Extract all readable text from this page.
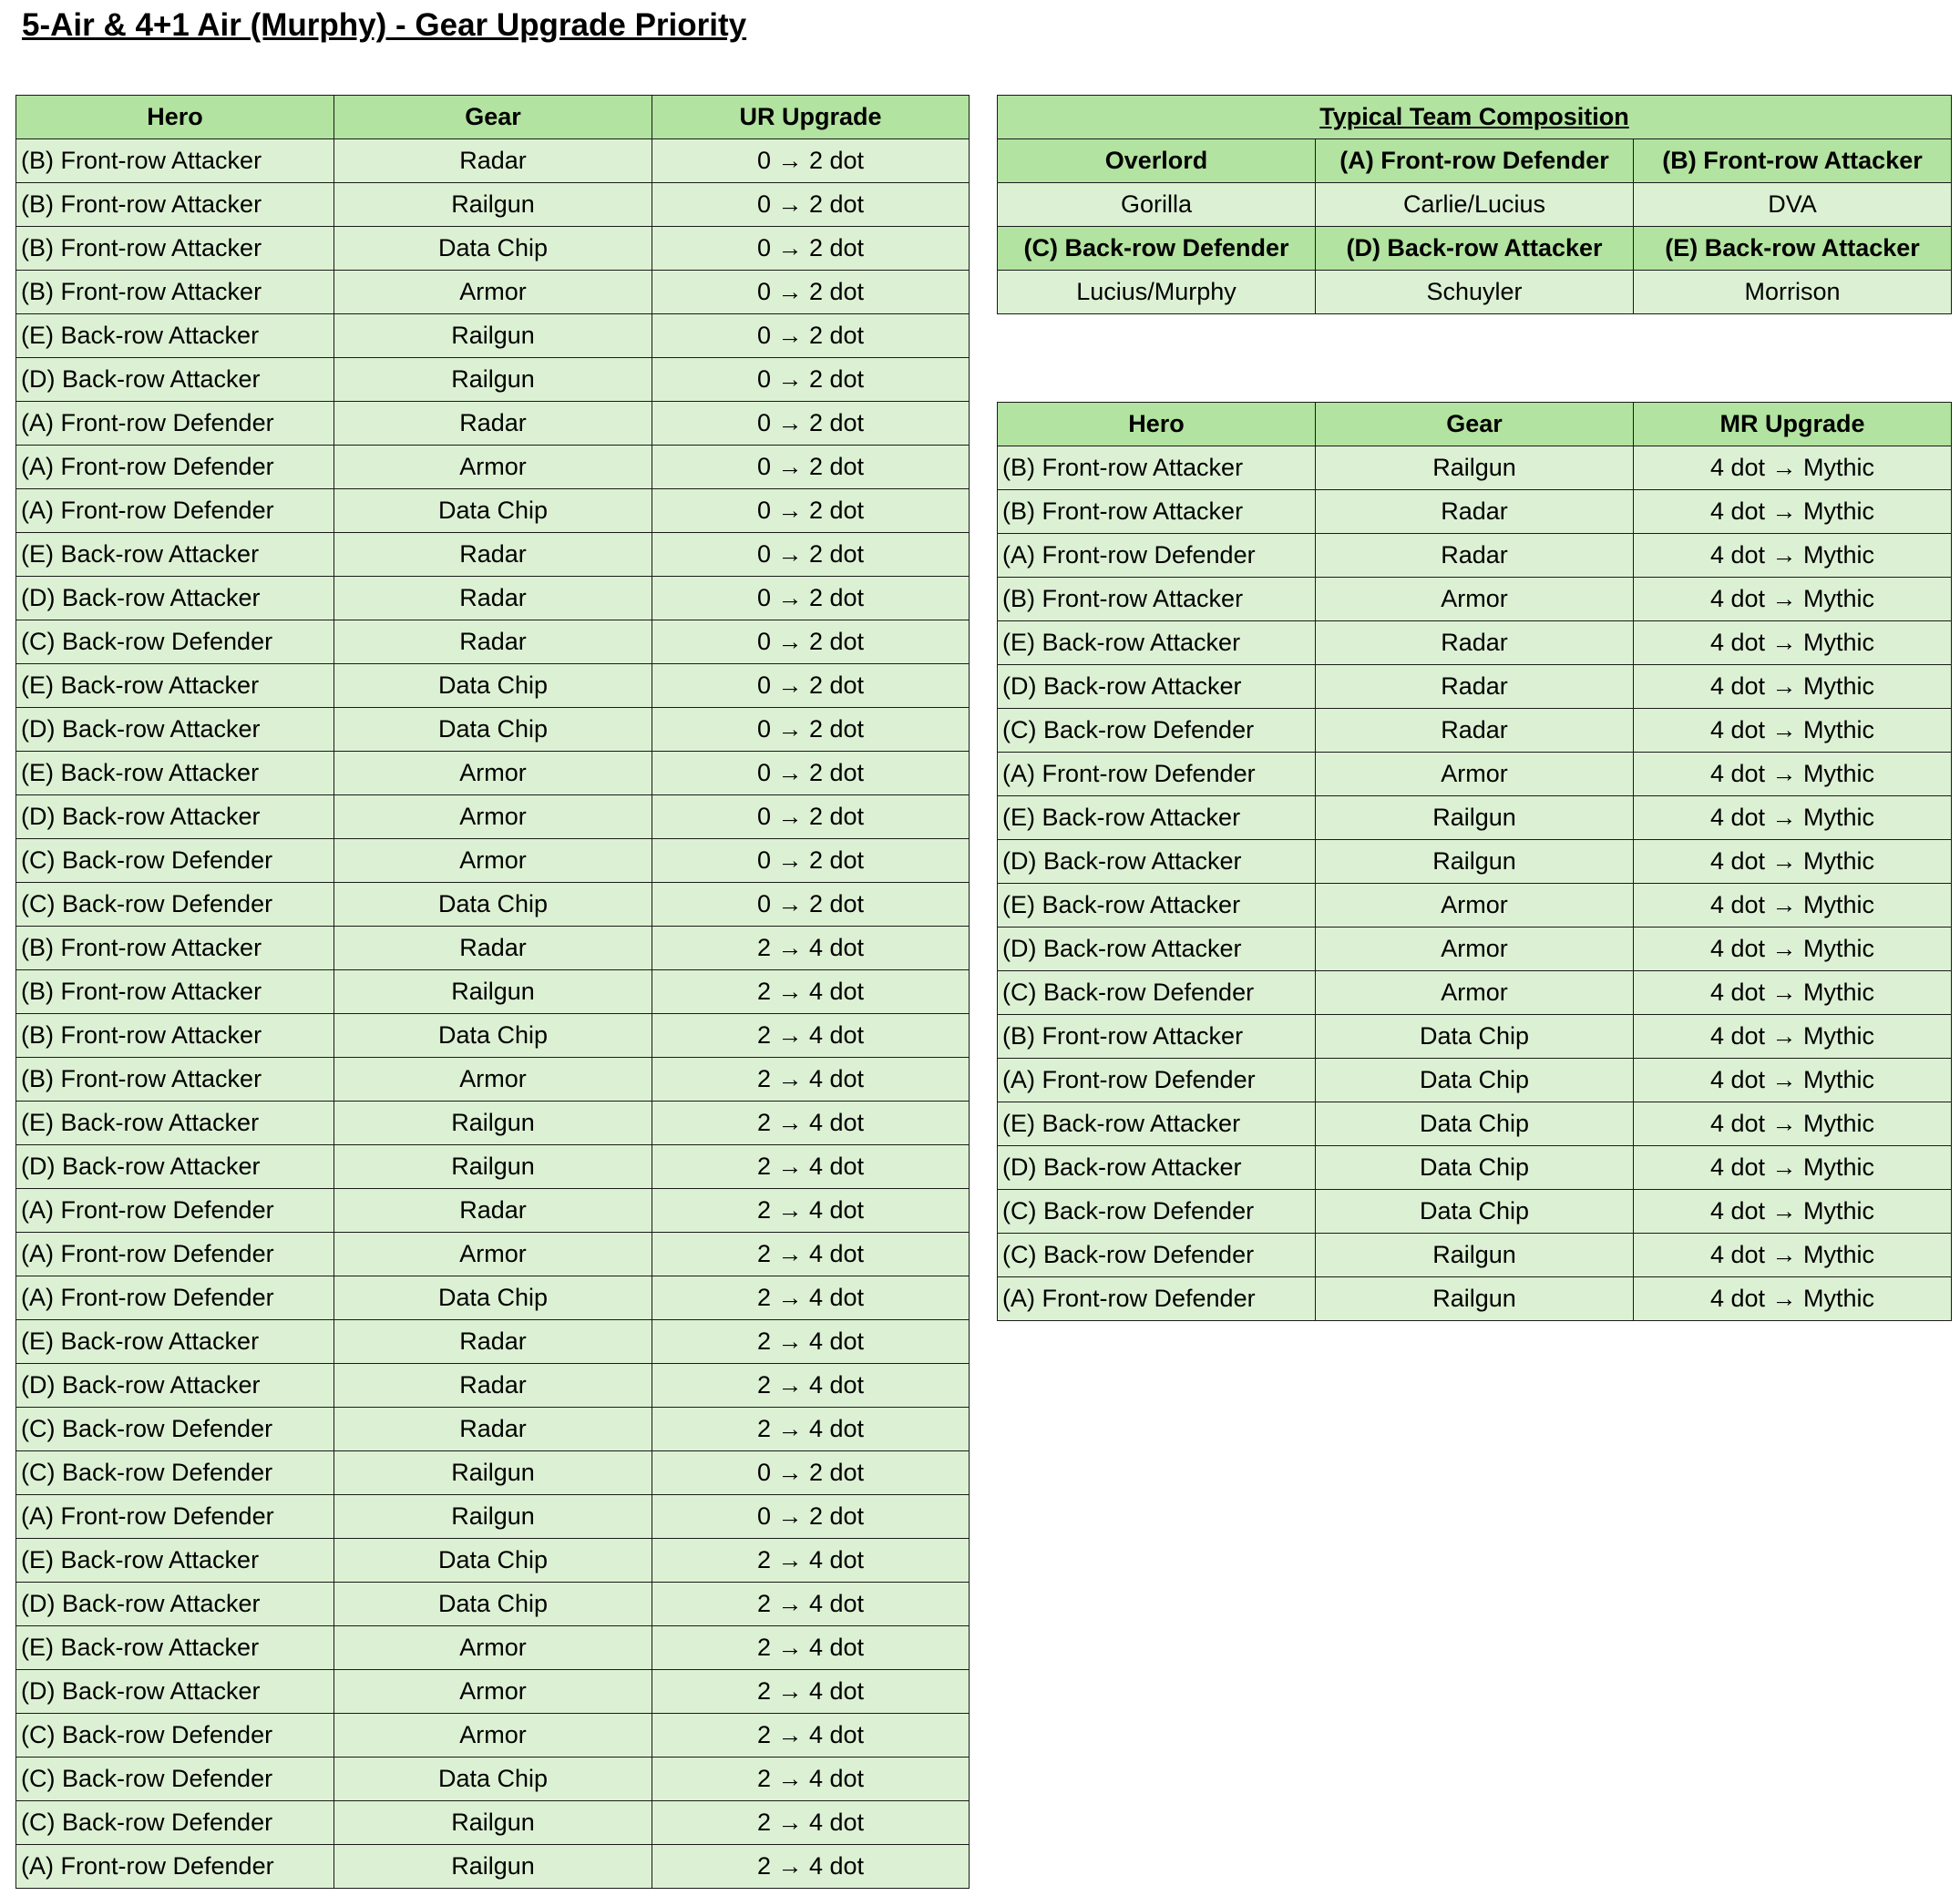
5-Air & 4+1 Air (Murphy) - Gear Upgrade Priority
Hero	Gear	UR Upgrade
(B) Front-row Attacker	Radar	0 → 2 dot
(B) Front-row Attacker	Railgun	0 → 2 dot
(B) Front-row Attacker	Data Chip	0 → 2 dot
(B) Front-row Attacker	Armor	0 → 2 dot
(E) Back-row Attacker	Railgun	0 → 2 dot
(D) Back-row Attacker	Railgun	0 → 2 dot
(A) Front-row Defender	Radar	0 → 2 dot
(A) Front-row Defender	Armor	0 → 2 dot
(A) Front-row Defender	Data Chip	0 → 2 dot
(E) Back-row Attacker	Radar	0 → 2 dot
(D) Back-row Attacker	Radar	0 → 2 dot
(C) Back-row Defender	Radar	0 → 2 dot
(E) Back-row Attacker	Data Chip	0 → 2 dot
(D) Back-row Attacker	Data Chip	0 → 2 dot
(E) Back-row Attacker	Armor	0 → 2 dot
(D) Back-row Attacker	Armor	0 → 2 dot
(C) Back-row Defender	Armor	0 → 2 dot
(C) Back-row Defender	Data Chip	0 → 2 dot
(B) Front-row Attacker	Radar	2 → 4 dot
(B) Front-row Attacker	Railgun	2 → 4 dot
(B) Front-row Attacker	Data Chip	2 → 4 dot
(B) Front-row Attacker	Armor	2 → 4 dot
(E) Back-row Attacker	Railgun	2 → 4 dot
(D) Back-row Attacker	Railgun	2 → 4 dot
(A) Front-row Defender	Radar	2 → 4 dot
(A) Front-row Defender	Armor	2 → 4 dot
(A) Front-row Defender	Data Chip	2 → 4 dot
(E) Back-row Attacker	Radar	2 → 4 dot
(D) Back-row Attacker	Radar	2 → 4 dot
(C) Back-row Defender	Radar	2 → 4 dot
(C) Back-row Defender	Railgun	0 → 2 dot
(A) Front-row Defender	Railgun	0 → 2 dot
(E) Back-row Attacker	Data Chip	2 → 4 dot
(D) Back-row Attacker	Data Chip	2 → 4 dot
(E) Back-row Attacker	Armor	2 → 4 dot
(D) Back-row Attacker	Armor	2 → 4 dot
(C) Back-row Defender	Armor	2 → 4 dot
(C) Back-row Defender	Data Chip	2 → 4 dot
(C) Back-row Defender	Railgun	2 → 4 dot
(A) Front-row Defender	Railgun	2 → 4 dot
Typical Team Composition		
Overlord	(A) Front-row Defender	(B) Front-row Attacker
Gorilla	Carlie/Lucius	DVA
(C) Back-row Defender	(D) Back-row Attacker	(E) Back-row Attacker
Lucius/Murphy	Schuyler	Morrison
Hero	Gear	MR Upgrade
(B) Front-row Attacker	Railgun	4 dot → Mythic
(B) Front-row Attacker	Radar	4 dot → Mythic
(A) Front-row Defender	Radar	4 dot → Mythic
(B) Front-row Attacker	Armor	4 dot → Mythic
(E) Back-row Attacker	Radar	4 dot → Mythic
(D) Back-row Attacker	Radar	4 dot → Mythic
(C) Back-row Defender	Radar	4 dot → Mythic
(A) Front-row Defender	Armor	4 dot → Mythic
(E) Back-row Attacker	Railgun	4 dot → Mythic
(D) Back-row Attacker	Railgun	4 dot → Mythic
(E) Back-row Attacker	Armor	4 dot → Mythic
(D) Back-row Attacker	Armor	4 dot → Mythic
(C) Back-row Defender	Armor	4 dot → Mythic
(B) Front-row Attacker	Data Chip	4 dot → Mythic
(A) Front-row Defender	Data Chip	4 dot → Mythic
(E) Back-row Attacker	Data Chip	4 dot → Mythic
(D) Back-row Attacker	Data Chip	4 dot → Mythic
(C) Back-row Defender	Data Chip	4 dot → Mythic
(C) Back-row Defender	Railgun	4 dot → Mythic
(A) Front-row Defender	Railgun	4 dot → Mythic
